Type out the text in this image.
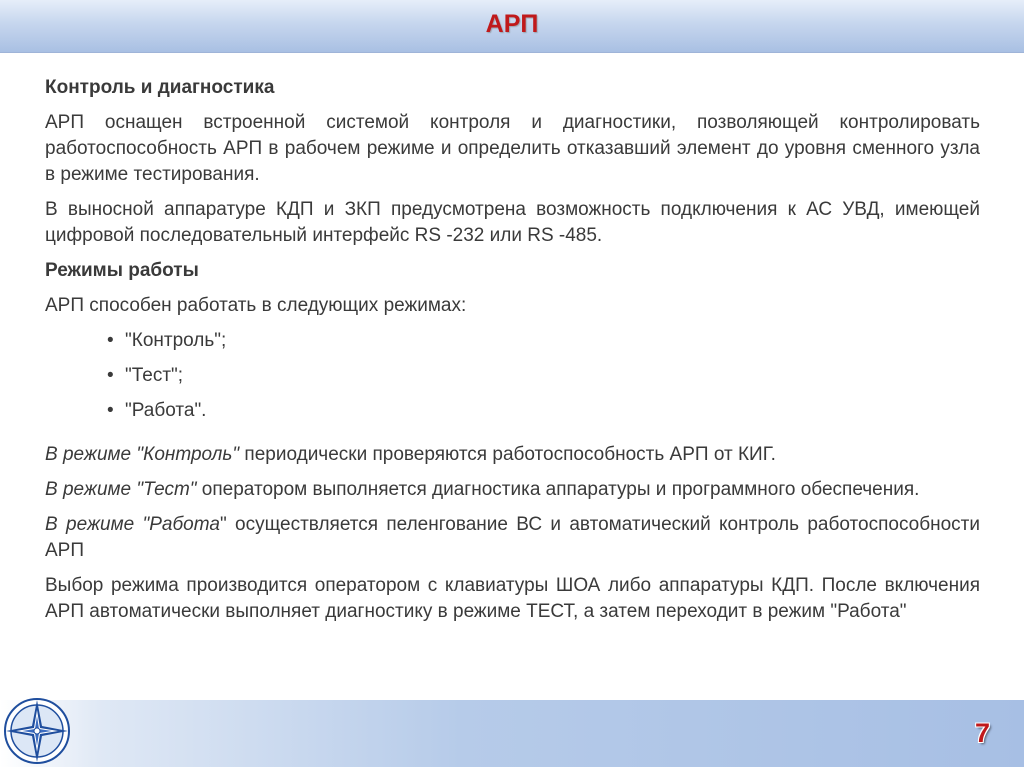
АРП

Контроль и диагностика

АРП оснащен встроенной системой контроля и диагностики, позволяющей контролировать работоспособность АРП в рабочем режиме и определить отказавший элемент до уровня сменного узла в режиме тестирования.

В выносной аппаратуре КДП и ЗКП предусмотрена возможность подключения к АС УВД, имеющей цифровой последовательный интерфейс RS -232 или RS -485.

Режимы работы

АРП способен работать в следующих режимах:

• "Контроль";
• "Тест";
• "Работа".

В режиме "Контроль" периодически проверяются работоспособность АРП от КИГ.

В режиме "Тест" оператором выполняется диагностика аппаратуры и программного обеспечения.

В режиме "Работа" осуществляется пеленгование ВС и автоматический контроль работоспособности АРП

Выбор режима производится оператором с клавиатуры ШОА либо аппаратуры КДП. После включения АРП автоматически выполняет диагностику в режиме ТЕСТ, а затем переходит в режим "Работа"

7
